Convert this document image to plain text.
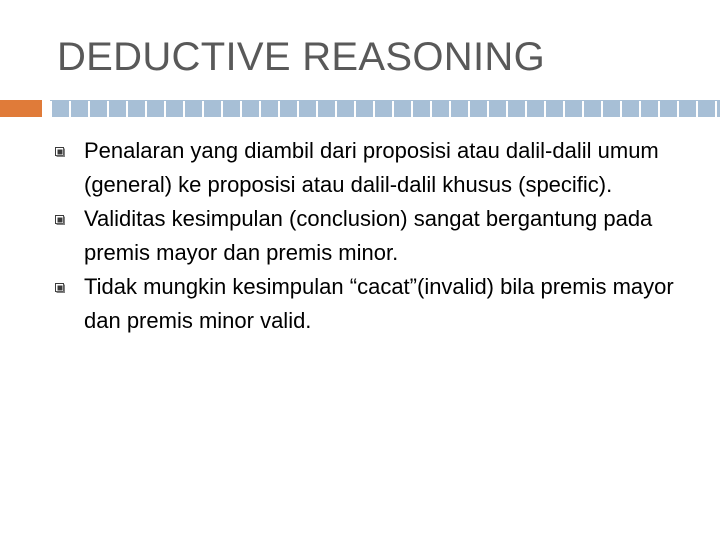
DEDUCTIVE REASONING
Penalaran yang diambil dari proposisi atau dalil-dalil umum (general) ke proposisi atau dalil-dalil khusus (specific).
Validitas kesimpulan (conclusion) sangat bergantung pada premis mayor dan premis minor.
Tidak mungkin kesimpulan “cacat”(invalid) bila premis mayor dan premis minor valid.
